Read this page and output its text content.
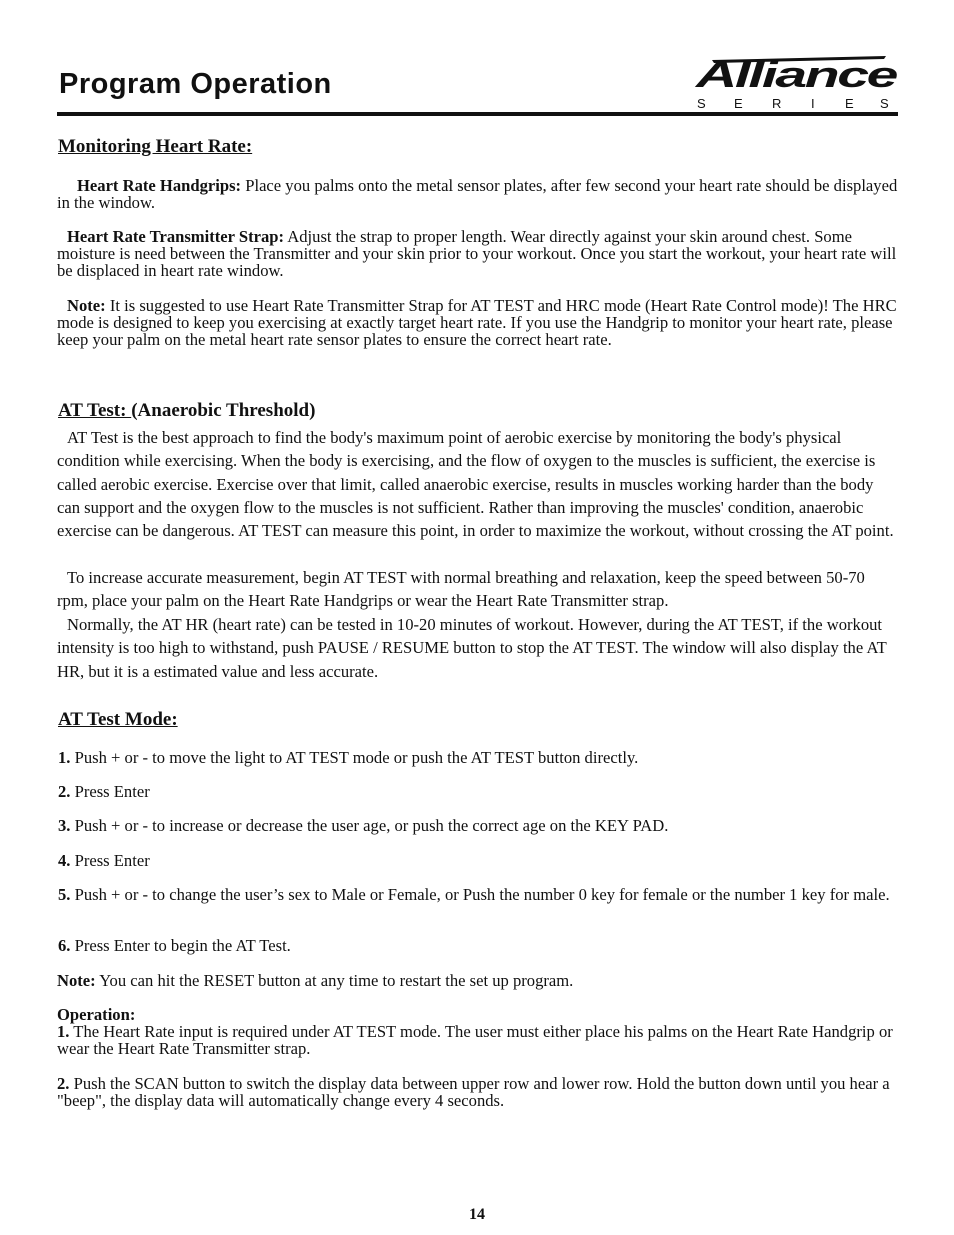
Program Operation	Alliance
S E R I E S
Monitoring Heart Rate:

Heart Rate Handgrips: Place you palms onto the metal sensor plates, after few second your heart rate should be displayed in the window.

Heart Rate Transmitter Strap: Adjust the strap to proper length. Wear directly against your skin around chest. Some moisture is need between the Transmitter and your skin prior to your workout. Once you start the workout, your heart rate will be displaced in heart rate window.

Note: It is suggested to use Heart Rate Transmitter Strap for AT TEST and HRC mode (Heart Rate Control mode)! The HRC mode is designed to keep you exercising at exactly target heart rate. If you use the Handgrip to monitor your heart rate, please keep your palm on the metal heart rate sensor plates to ensure the correct heart rate.

AT Test: (Anaerobic Threshold)

AT Test is the best approach to find the body's maximum point of aerobic exercise by monitoring the body's physical condition while exercising. When the body is exercising, and the flow of oxygen to the muscles is sufficient, the exercise is called aerobic exercise. Exercise over that limit, called anaerobic exercise, results in muscles working harder than the body can support and the oxygen flow to the muscles is not sufficient. Rather than improving the muscles' condition, anaerobic exercise can be dangerous. AT TEST can measure this point, in order to maximize the workout, without crossing the AT point.

To increase accurate measurement, begin AT TEST with normal breathing and relaxation, keep the speed between 50-70 rpm, place your palm on the Heart Rate Handgrips or wear the Heart Rate Transmitter strap.

Normally, the AT HR (heart rate) can be tested in 10-20 minutes of workout. However, during the AT TEST, if the workout intensity is too high to withstand, push PAUSE / RESUME button to stop the AT TEST. The window will also display the AT HR, but it is a estimated value and less accurate.

AT Test Mode:

1. Push + or - to move the light to AT TEST mode or push the AT TEST button directly.

2. Press Enter

3. Push + or - to increase or decrease the user age, or push the correct age on the KEY PAD.

4. Press Enter

5. Push + or - to change the user’s sex to Male or Female, or Push the number 0 key for female or the number 1 key for male.

6. Press Enter to begin the AT Test.

Note: You can hit the RESET button at any time to restart the set up program.

Operation:

1. The Heart Rate input is required under AT TEST mode. The user must either place his palms on the Heart Rate Handgrip or wear the Heart Rate Transmitter strap.

2. Push the SCAN button to switch the display data between upper row and lower row. Hold the button down until you hear a "beep", the display data will automatically change every 4 seconds.

14
